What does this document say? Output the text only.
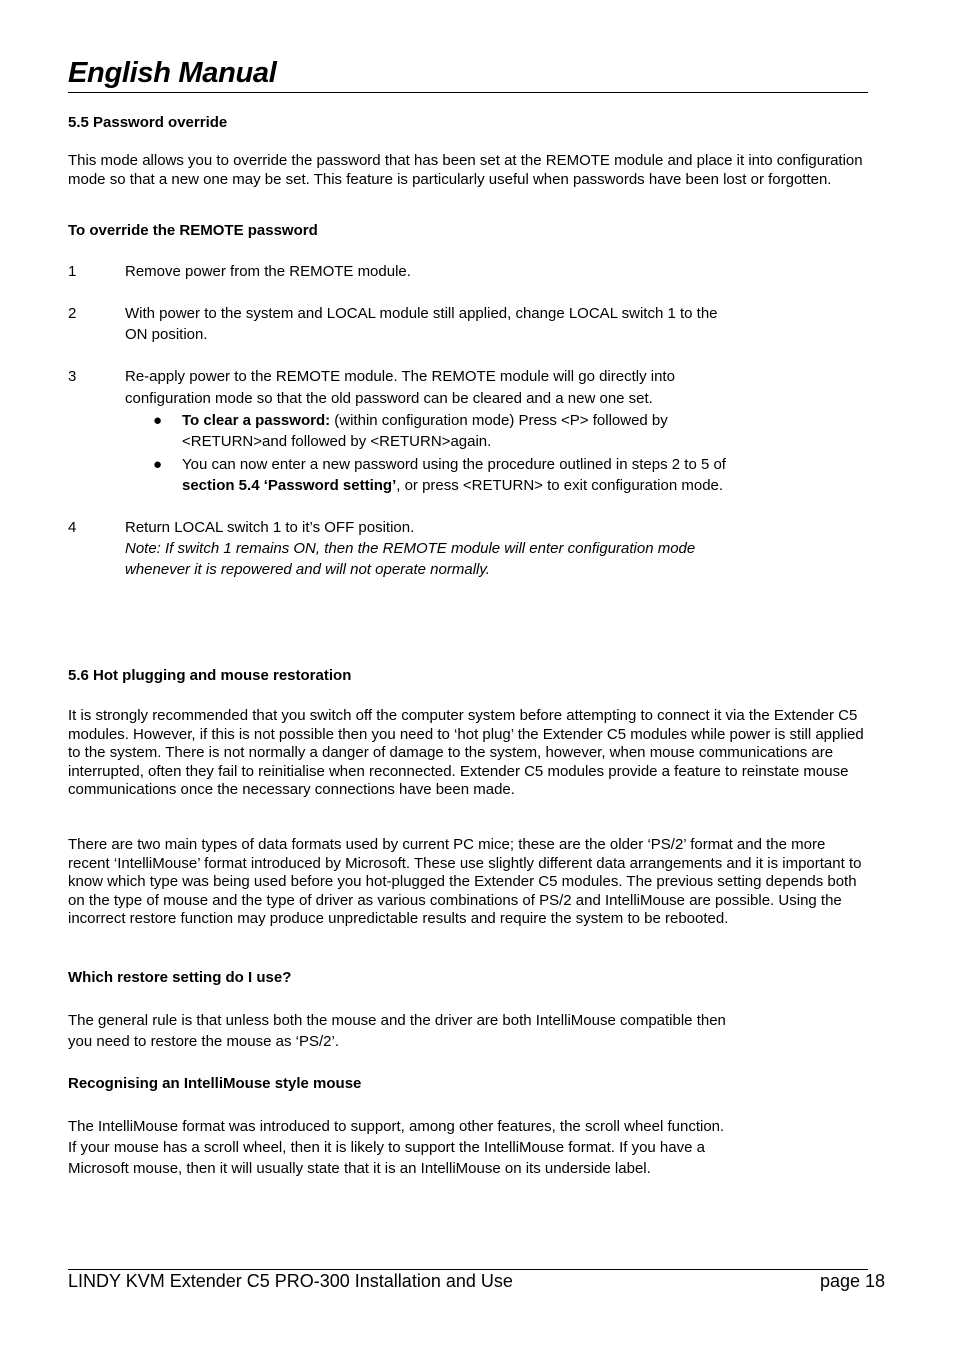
English Manual
5.5 Password override

This mode allows you to override the password that has been set at the REMOTE module and place it into configuration mode so that a new one may be set. This feature is particularly useful when passwords have been lost or forgotten.

To override the REMOTE password
1	Remove power from the REMOTE module.
2	With power to the system and LOCAL module still applied, change LOCAL switch 1 to the
ON position.
3	Re-apply power to the REMOTE module. The REMOTE module will go directly into
configuration mode so that the old password can be cleared and a new one set.
● To clear a password: (within configuration mode) Press <P> followed by
<RETURN>and followed by <RETURN>again.
● You can now enter a new password using the procedure outlined in steps 2 to 5 of
section 5.4 ‘Password setting’, or press <RETURN> to exit configuration mode.
4	Return LOCAL switch 1 to it’s OFF position.
Note: If switch 1 remains ON, then the REMOTE module will enter configuration mode
whenever it is repowered and will not operate normally.
5.6 Hot plugging and mouse restoration

It is strongly recommended that you switch off the computer system before attempting to connect it via the Extender C5 modules. However, if this is not possible then you need to ‘hot plug’ the Extender C5 modules while power is still applied to the system. There is not normally a danger of damage to the system, however, when mouse communications are interrupted, often they fail to reinitialise when reconnected. Extender C5 modules provide a feature to reinstate mouse communications once the necessary connections have been made.

There are two main types of data formats used by current PC mice; these are the older ‘PS/2’ format and the more recent ‘IntelliMouse’ format introduced by Microsoft. These use slightly different data arrangements and it is important to know which type was being used before you hot-plugged the Extender C5 modules. The previous setting depends both on the type of mouse and the type of driver as various combinations of PS/2 and IntelliMouse are possible. Using the incorrect restore function may produce unpredictable results and require the system to be rebooted.

Which restore setting do I use?
The general rule is that unless both the mouse and the driver are both IntelliMouse compatible then
you need to restore the mouse as ‘PS/2’.
Recognising an IntelliMouse style mouse
The IntelliMouse format was introduced to support, among other features, the scroll wheel function.
If your mouse has a scroll wheel, then it is likely to support the IntelliMouse format. If you have a
Microsoft mouse, then it will usually state that it is an IntelliMouse on its underside label.
LINDY KVM Extender C5 PRO-300 Installation and Use	page 18
